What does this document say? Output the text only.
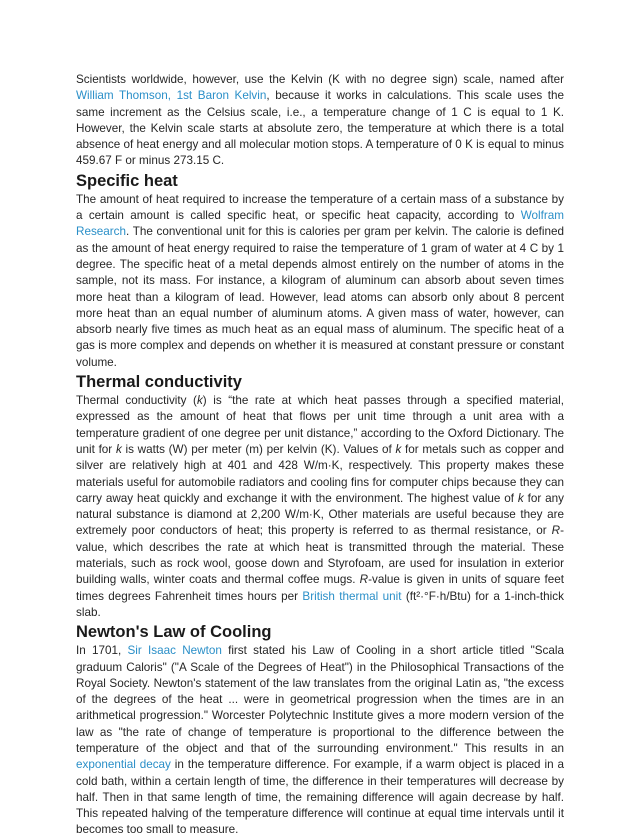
Scientists worldwide, however, use the Kelvin (K with no degree sign) scale, named after William Thomson, 1st Baron Kelvin, because it works in calculations. This scale uses the same increment as the Celsius scale, i.e., a temperature change of 1 C is equal to 1 K. However, the Kelvin scale starts at absolute zero, the temperature at which there is a total absence of heat energy and all molecular motion stops. A temperature of 0 K is equal to minus 459.67 F or minus 273.15 C.

Specific heat

The amount of heat required to increase the temperature of a certain mass of a substance by a certain amount is called specific heat, or specific heat capacity, according to Wolfram Research. The conventional unit for this is calories per gram per kelvin. The calorie is defined as the amount of heat energy required to raise the temperature of 1 gram of water at 4 C by 1 degree. The specific heat of a metal depends almost entirely on the number of atoms in the sample, not its mass. For instance, a kilogram of aluminum can absorb about seven times more heat than a kilogram of lead. However, lead atoms can absorb only about 8 percent more heat than an equal number of aluminum atoms. A given mass of water, however, can absorb nearly five times as much heat as an equal mass of aluminum. The specific heat of a gas is more complex and depends on whether it is measured at constant pressure or constant volume.

Thermal conductivity

Thermal conductivity (k) is “the rate at which heat passes through a specified material, expressed as the amount of heat that flows per unit time through a unit area with a temperature gradient of one degree per unit distance,” according to the Oxford Dictionary. The unit for k is watts (W) per meter (m) per kelvin (K). Values of k for metals such as copper and silver are relatively high at 401 and 428 W/m·K, respectively. This property makes these materials useful for automobile radiators and cooling fins for computer chips because they can carry away heat quickly and exchange it with the environment. The highest value of k for any natural substance is diamond at 2,200 W/m·K, Other materials are useful because they are extremely poor conductors of heat; this property is referred to as thermal resistance, or R-value, which describes the rate at which heat is transmitted through the material. These materials, such as rock wool, goose down and Styrofoam, are used for insulation in exterior building walls, winter coats and thermal coffee mugs. R-value is given in units of square feet times degrees Fahrenheit times hours per British thermal unit (ft²·°F·h/Btu) for a 1-inch-thick slab.

Newton's Law of Cooling

In 1701, Sir Isaac Newton first stated his Law of Cooling in a short article titled "Scala graduum Caloris" ("A Scale of the Degrees of Heat") in the Philosophical Transactions of the Royal Society. Newton's statement of the law translates from the original Latin as, "the excess of the degrees of the heat ... were in geometrical progression when the times are in an arithmetical progression." Worcester Polytechnic Institute gives a more modern version of the law as "the rate of change of temperature is proportional to the difference between the temperature of the object and that of the surrounding environment." This results in an exponential decay in the temperature difference. For example, if a warm object is placed in a cold bath, within a certain length of time, the difference in their temperatures will decrease by half. Then in that same length of time, the remaining difference will again decrease by half. This repeated halving of the temperature difference will continue at equal time intervals until it becomes too small to measure.
